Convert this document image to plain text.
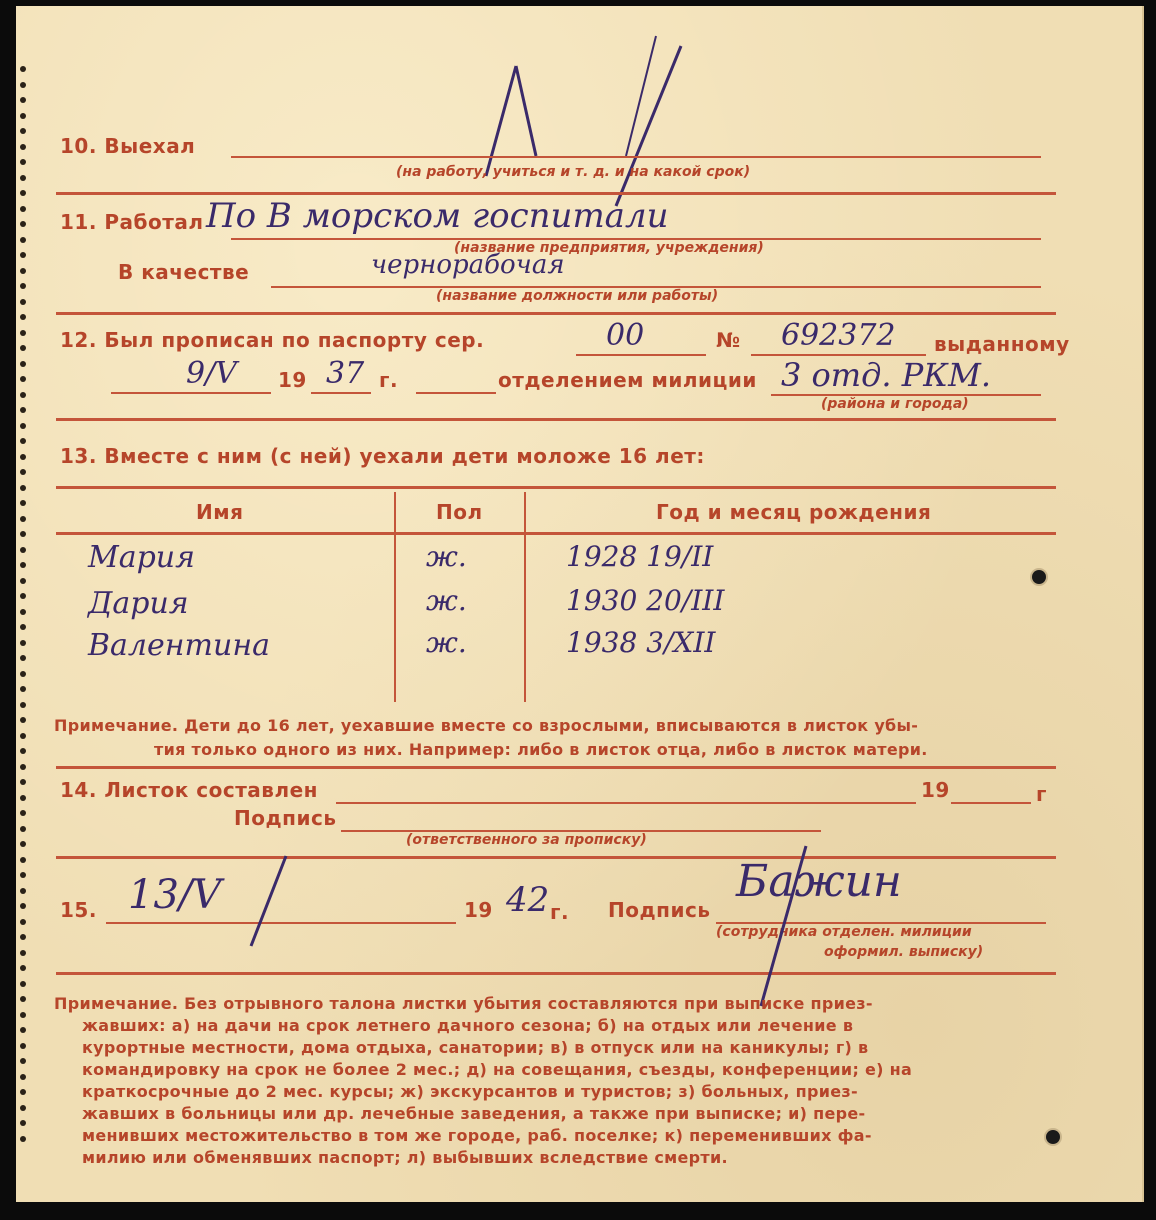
10. Выехал
(на работу, учиться и т. д. и на какой срок)
11. Работал По В морском госпитали
(название предприятия, учреждения)
В качестве	чернорабочая
(название должности или работы)
12. Был прописан по паспорту сер.	00	№ 692372 выданному
9/V 19 37 г.	отделением милиции 3 отд. РКМ.
(района и города)
13. Вместе с ним (с ней) уехали дети моложе 16 лет:
Имя	Пол	Год и месяц рождения
Мария	ж.	1928 19/II
Дария	ж.	1930 20/III
Валентина	ж.	1938 3/XII
Примечание. Дети до 16 лет, уехавшие вместе со взрослыми, вписываются в листок убы-
тия только одного из них. Например: либо в листок отца, либо в листок матери.
14. Листок составлен	19	г
Подпись
(ответственного за прописку)
15. 13/V	19 42 г. Подпись
Бажин
(сотрудника отделен. милиции
оформил. выписку)
Примечание. Без отрывного талона листки убытия составляются при выписке приез-
жавших: а) на дачи на срок летнего дачного сезона; б) на отдых или лечение в
курортные местности, дома отдыха, санатории; в) в отпуск или на каникулы; г) в
командировку на срок не более 2 мес.; д) на совещания, съезды, конференции; е) на
краткосрочные до 2 мес. курсы; ж) экскурсантов и туристов; з) больных, приез-
жавших в больницы или др. лечебные заведения, а также при выписке; и) пере-
менивших местожительство в том же городе, раб. поселке; к) переменивших фа-
милию или обменявших паспорт; л) выбывших вследствие смерти.
